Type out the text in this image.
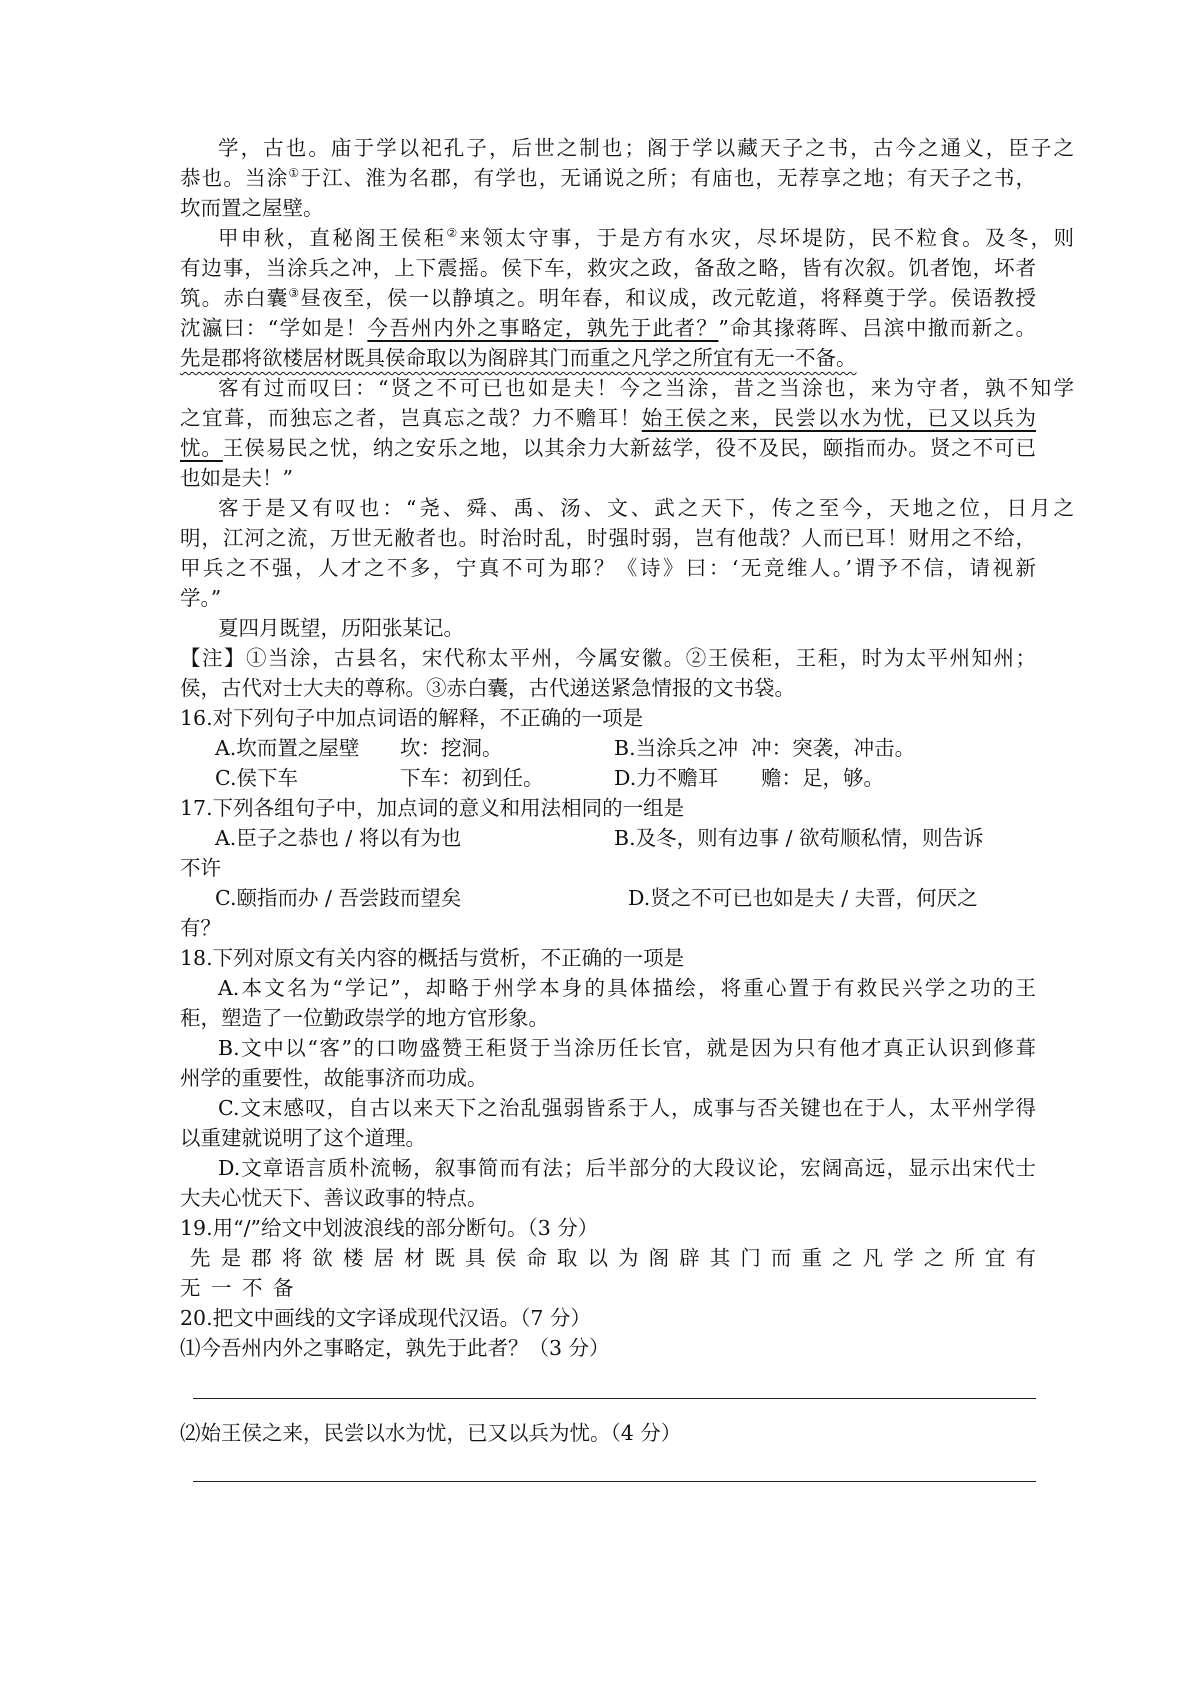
学，古也。庙于学以祀孔子，后世之制也；阁于学以藏天子之书，古今之通义，臣子之
恭也。当涂①于江、淮为名郡，有学也，无诵说之所；有庙也，无荐享之地；有天子之书，
坎而置之屋壁。
甲申秋，直秘阁王侯秬②来领太守事，于是方有水灾，尽坏堤防，民不粒食。及冬，则
有边事，当涂兵之冲，上下震摇。侯下车，救灾之政，备敌之略，皆有次叙。饥者饱，坏者
筑。赤白囊③昼夜至，侯一以静填之。明年春，和议成，改元乾道，将释奠于学。侯语教授
沈瀛曰：“学如是！今吾州内外之事略定，孰先于此者？”命其掾蒋晖、吕滨中撤而新之。
先是郡将欲楼居材既具侯命取以为阁辟其门而重之凡学之所宜有无一不备。
客有过而叹曰：“贤之不可已也如是夫！今之当涂，昔之当涂也，来为守者，孰不知学
之宜葺，而独忘之者，岂真忘之哉？力不赡耳！始王侯之来，民尝以水为忧，已又以兵为
忧。王侯易民之忧，纳之安乐之地，以其余力大新兹学，役不及民，颐指而办。贤之不可已
也如是夫！”
客于是又有叹也：“尧、舜、禹、汤、文、武之天下，传之至今，天地之位，日月之
明，江河之流，万世无敝者也。时治时乱，时强时弱，岂有他哉？人而已耳！财用之不给，
甲兵之不强，人才之不多，宁真不可为耶？《诗》曰：‘无竞维人。’谓予不信，请视新
学。”
夏四月既望，历阳张某记。
【注】①当涂，古县名，宋代称太平州，今属安徽。②王侯秬，王秬，时为太平州知州；
侯，古代对士大夫的尊称。③赤白囊，古代递送紧急情报的文书袋。
16.对下列句子中加点词语的解释，不正确的一项是
A.坎而置之屋壁 坎：挖洞。	B.当涂兵之冲  冲：突袭，冲击。
C.侯下车	下车：初到任。	D.力不赡耳 赡：足，够。
17.下列各组句子中，加点词的意义和用法相同的一组是
A.臣子之恭也 / 将以有为也	B.及冬，则有边事 / 欲苟顺私情，则告诉
不许
C.颐指而办 / 吾尝跂而望矣	D.贤之不可已也如是夫 / 夫晋，何厌之
有？
18.下列对原文有关内容的概括与赏析，不正确的一项是
A.本文名为“学记”，却略于州学本身的具体描绘，将重心置于有救民兴学之功的王
秬，塑造了一位勤政崇学的地方官形象。
B.文中以“客”的口吻盛赞王秬贤于当涂历任长官，就是因为只有他才真正认识到修葺
州学的重要性，故能事济而功成。
C.文末感叹，自古以来天下之治乱强弱皆系于人，成事与否关键也在于人，太平州学得
以重建就说明了这个道理。
D.文章语言质朴流畅，叙事简而有法；后半部分的大段议论，宏阔高远，显示出宋代士
大夫心忧天下、善议政事的特点。
19.用“/”给文中划波浪线的部分断句。（3 分）
先是郡将欲楼居材既具侯命取以为阁辟其门而重之凡学之所宜有
无一不备
20.把文中画线的文字译成现代汉语。（7 分）
⑴今吾州内外之事略定，孰先于此者？（3 分）
⑵始王侯之来，民尝以水为忧，已又以兵为忧。（4 分）
